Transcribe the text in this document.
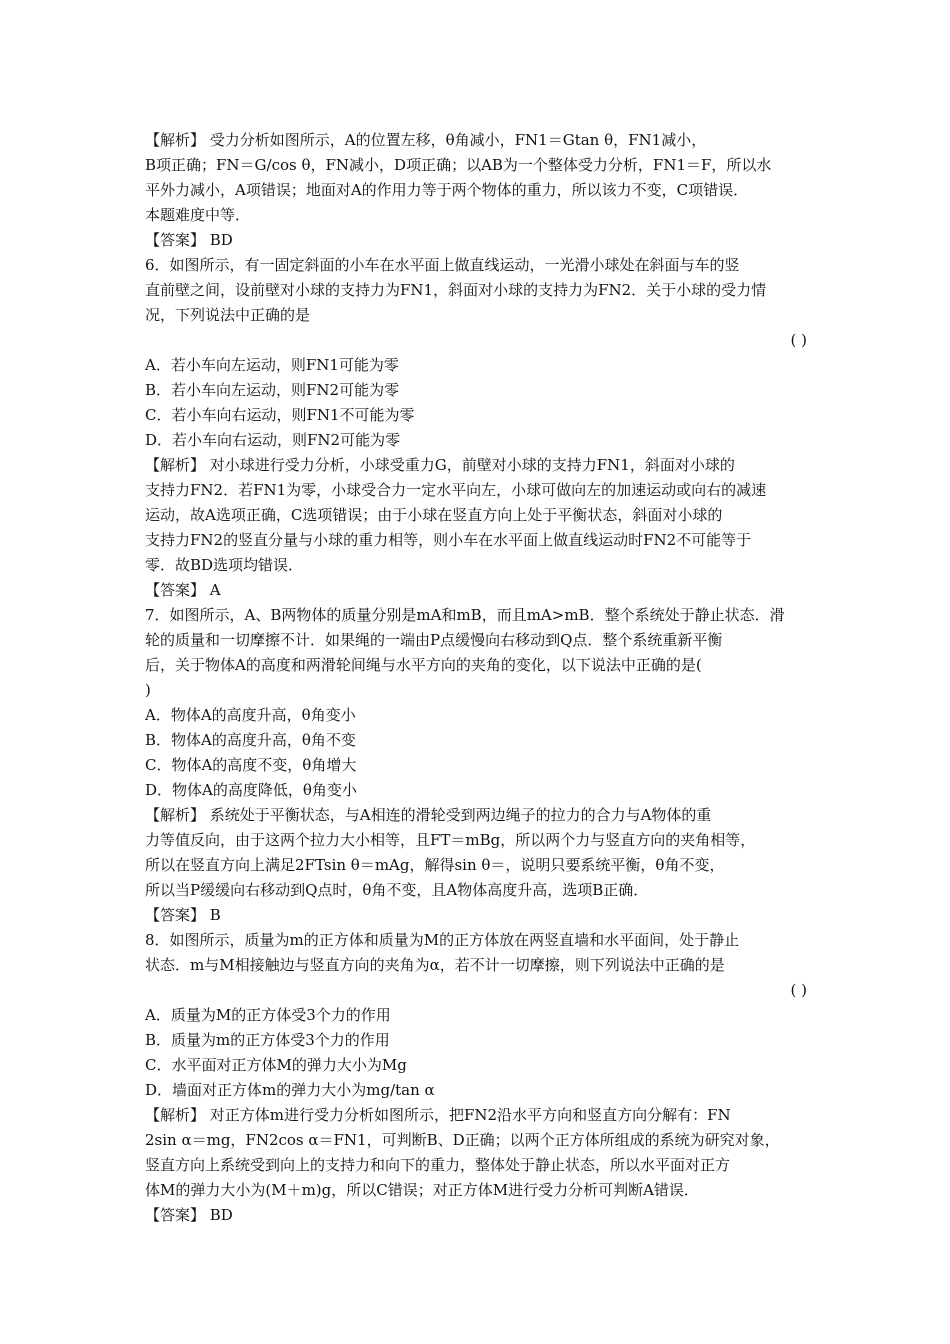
【解析】 受力分析如图所示，A的位置左移，θ角减小，FN1＝Gtan θ，FN1减小，
B项正确；FN＝G/cos θ，FN减小，D项正确；以AB为一个整体受力分析，FN1＝F，所以水
平外力减小，A项错误；地面对A的作用力等于两个物体的重力，所以该力不变，C项错误．
本题难度中等．
【答案】 BD
6．如图所示，有一固定斜面的小车在水平面上做直线运动，一光滑小球处在斜面与车的竖
直前壁之间，设前壁对小球的支持力为FN1，斜面对小球的支持力为FN2．关于小球的受力情
况，下列说法中正确的是
( )
A．若小车向左运动，则FN1可能为零
B．若小车向左运动，则FN2可能为零
C．若小车向右运动，则FN1不可能为零
D．若小车向右运动，则FN2可能为零
【解析】 对小球进行受力分析，小球受重力G，前壁对小球的支持力FN1，斜面对小球的
支持力FN2．若FN1为零，小球受合力一定水平向左，小球可做向左的加速运动或向右的减速
运动，故A选项正确，C选项错误；由于小球在竖直方向上处于平衡状态，斜面对小球的
支持力FN2的竖直分量与小球的重力相等，则小车在水平面上做直线运动时FN2不可能等于
零．故BD选项均错误．
【答案】 A
7．如图所示，A、B两物体的质量分别是mA和mB，而且mA>mB．整个系统处于静止状态．滑
轮的质量和一切摩擦不计．如果绳的一端由P点缓慢向右移动到Q点．整个系统重新平衡
后，关于物体A的高度和两滑轮间绳与水平方向的夹角的变化，以下说法中正确的是(
)
A．物体A的高度升高，θ角变小
B．物体A的高度升高，θ角不变
C．物体A的高度不变，θ角增大
D．物体A的高度降低，θ角变小
【解析】 系统处于平衡状态，与A相连的滑轮受到两边绳子的拉力的合力与A物体的重
力等值反向，由于这两个拉力大小相等，且FT＝mBg，所以两个力与竖直方向的夹角相等，
所以在竖直方向上满足2FTsin θ＝mAg，解得sin θ＝，说明只要系统平衡，θ角不变，
所以当P缓缓向右移动到Q点时，θ角不变，且A物体高度升高，选项B正确．
【答案】 B
8．如图所示，质量为m的正方体和质量为M的正方体放在两竖直墙和水平面间，处于静止
状态．m与M相接触边与竖直方向的夹角为α，若不计一切摩擦，则下列说法中正确的是
( )
A．质量为M的正方体受3个力的作用
B．质量为m的正方体受3个力的作用
C．水平面对正方体M的弹力大小为Mg
D．墙面对正方体m的弹力大小为mg/tan α
【解析】 对正方体m进行受力分析如图所示，把FN2沿水平方向和竖直方向分解有：FN
2sin α＝mg，FN2cos α＝FN1，可判断B、D正确；以两个正方体所组成的系统为研究对象，
竖直方向上系统受到向上的支持力和向下的重力，整体处于静止状态，所以水平面对正方
体M的弹力大小为(M＋m)g，所以C错误；对正方体M进行受力分析可判断A错误．
【答案】 BD
